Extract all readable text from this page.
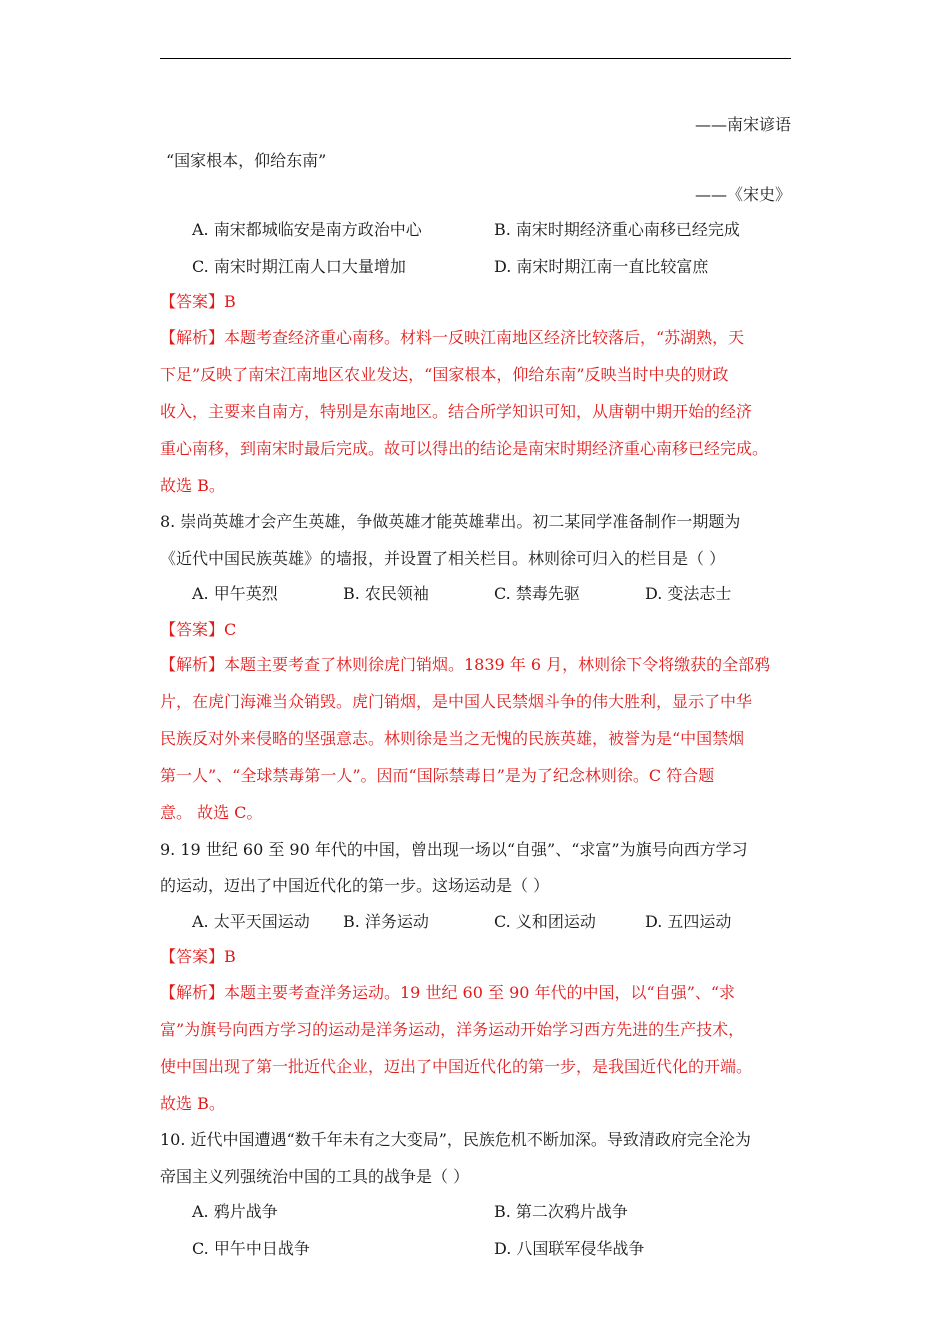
——南宋谚语
“国家根本，仰给东南”
——《宋史》
A. 南宋都城临安是南方政治中心	B. 南宋时期经济重心南移已经完成
C. 南宋时期江南人口大量增加	D. 南宋时期江南一直比较富庶
【答案】B
【解析】本题考查经济重心南移。材料一反映江南地区经济比较落后，“苏湖熟，天
下足”反映了南宋江南地区农业发达，“国家根本，仰给东南”反映当时中央的财政
收入，主要来自南方，特别是东南地区。结合所学知识可知，从唐朝中期开始的经济
重心南移，到南宋时最后完成。故可以得出的结论是南宋时期经济重心南移已经完成。
故选 B。
8. 崇尚英雄才会产生英雄，争做英雄才能英雄辈出。初二某同学准备制作一期题为
《近代中国民族英雄》的墙报，并设置了相关栏目。林则徐可归入的栏目是（ ）
A. 甲午英烈	B. 农民领袖	C. 禁毒先驱	D. 变法志士
【答案】C
【解析】本题主要考查了林则徐虎门销烟。1839 年 6 月，林则徐下令将缴获的全部鸦
片，在虎门海滩当众销毁。虎门销烟，是中国人民禁烟斗争的伟大胜利，显示了中华
民族反对外来侵略的坚强意志。林则徐是当之无愧的民族英雄，被誉为是“中国禁烟
第一人”、“全球禁毒第一人”。因而“国际禁毒日”是为了纪念林则徐。C 符合题
意。 故选 C。
9. 19 世纪 60 至 90 年代的中国，曾出现一场以“自强”、“求富”为旗号向西方学习
的运动，迈出了中国近代化的第一步。这场运动是（ ）
A. 太平天国运动 B. 洋务运动	C. 义和团运动	D. 五四运动
【答案】B
【解析】本题主要考查洋务运动。19 世纪 60 至 90 年代的中国，以“自强”、“求
富”为旗号向西方学习的运动是洋务运动，洋务运动开始学习西方先进的生产技术，
使中国出现了第一批近代企业，迈出了中国近代化的第一步，是我国近代化的开端。
故选 B。
10. 近代中国遭遇“数千年未有之大变局”，民族危机不断加深。导致清政府完全沦为
帝国主义列强统治中国的工具的战争是（ ）
A. 鸦片战争	B. 第二次鸦片战争
C. 甲午中日战争	D. 八国联军侵华战争
